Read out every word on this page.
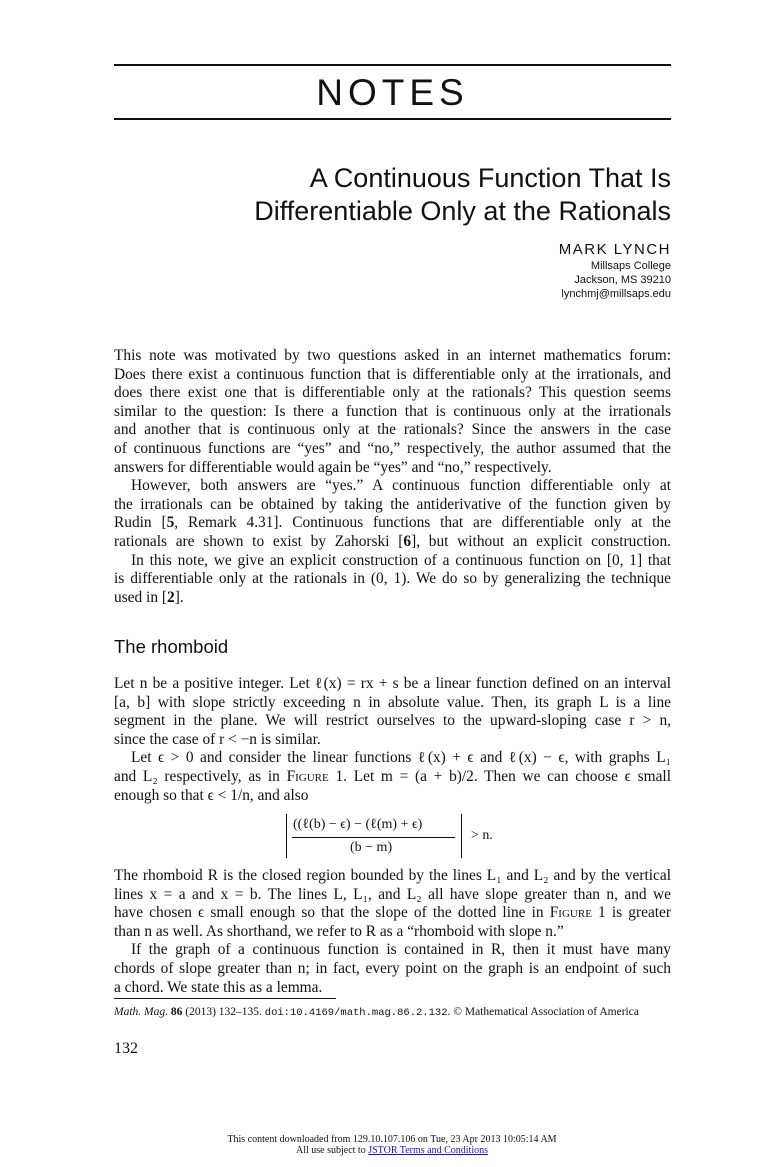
NOTES
A Continuous Function That Is
Differentiable Only at the Rationals
MARK LYNCH
Millsaps College
Jackson, MS 39210
lynchmj@millsaps.edu
This note was motivated by two questions asked in an internet mathematics forum:
Does there exist a continuous function that is differentiable only at the irrationals, and
does there exist one that is differentiable only at the rationals? This question seems
similar to the question: Is there a function that is continuous only at the irrationals
and another that is continuous only at the rationals? Since the answers in the case
of continuous functions are “yes” and “no,” respectively, the author assumed that the
answers for differentiable would again be “yes” and “no,” respectively.
However, both answers are “yes.” A continuous function differentiable only at
the irrationals can be obtained by taking the antiderivative of the function given by
Rudin [5, Remark 4.31]. Continuous functions that are differentiable only at the
rationals are shown to exist by Zahorski [6], but without an explicit construction.
In this note, we give an explicit construction of a continuous function on [0, 1] that
is differentiable only at the rationals in (0, 1). We do so by generalizing the technique
used in [2].
The rhomboid
Let n be a positive integer. Let ℓ(x) = rx + s be a linear function defined on an interval
[a, b] with slope strictly exceeding n in absolute value. Then, its graph L is a line
segment in the plane. We will restrict ourselves to the upward-sloping case r > n,
since the case of r < −n is similar.
Let ϵ > 0 and consider the linear functions ℓ(x) + ϵ and ℓ(x) − ϵ, with graphs L₁
and L₂ respectively, as in Figure 1. Let m = (a + b)/2. Then we can choose ϵ small
enough so that ϵ < 1/n, and also
((ℓ(b) − ϵ) − (ℓ(m) + ϵ)
(b − m)
> n.
The rhomboid R is the closed region bounded by the lines L₁ and L₂ and by the vertical
lines x = a and x = b. The lines L, L₁, and L₂ all have slope greater than n, and we
have chosen ϵ small enough so that the slope of the dotted line in Figure 1 is greater
than n as well. As shorthand, we refer to R as a “rhomboid with slope n.”
If the graph of a continuous function is contained in R, then it must have many
chords of slope greater than n; in fact, every point on the graph is an endpoint of such
a chord. We state this as a lemma.
Math. Mag. 86 (2013) 132–135. doi:10.4169/math.mag.86.2.132. © Mathematical Association of America
132
This content downloaded from 129.10.107.106 on Tue, 23 Apr 2013 10:05:14 AM
All use subject to JSTOR Terms and Conditions
